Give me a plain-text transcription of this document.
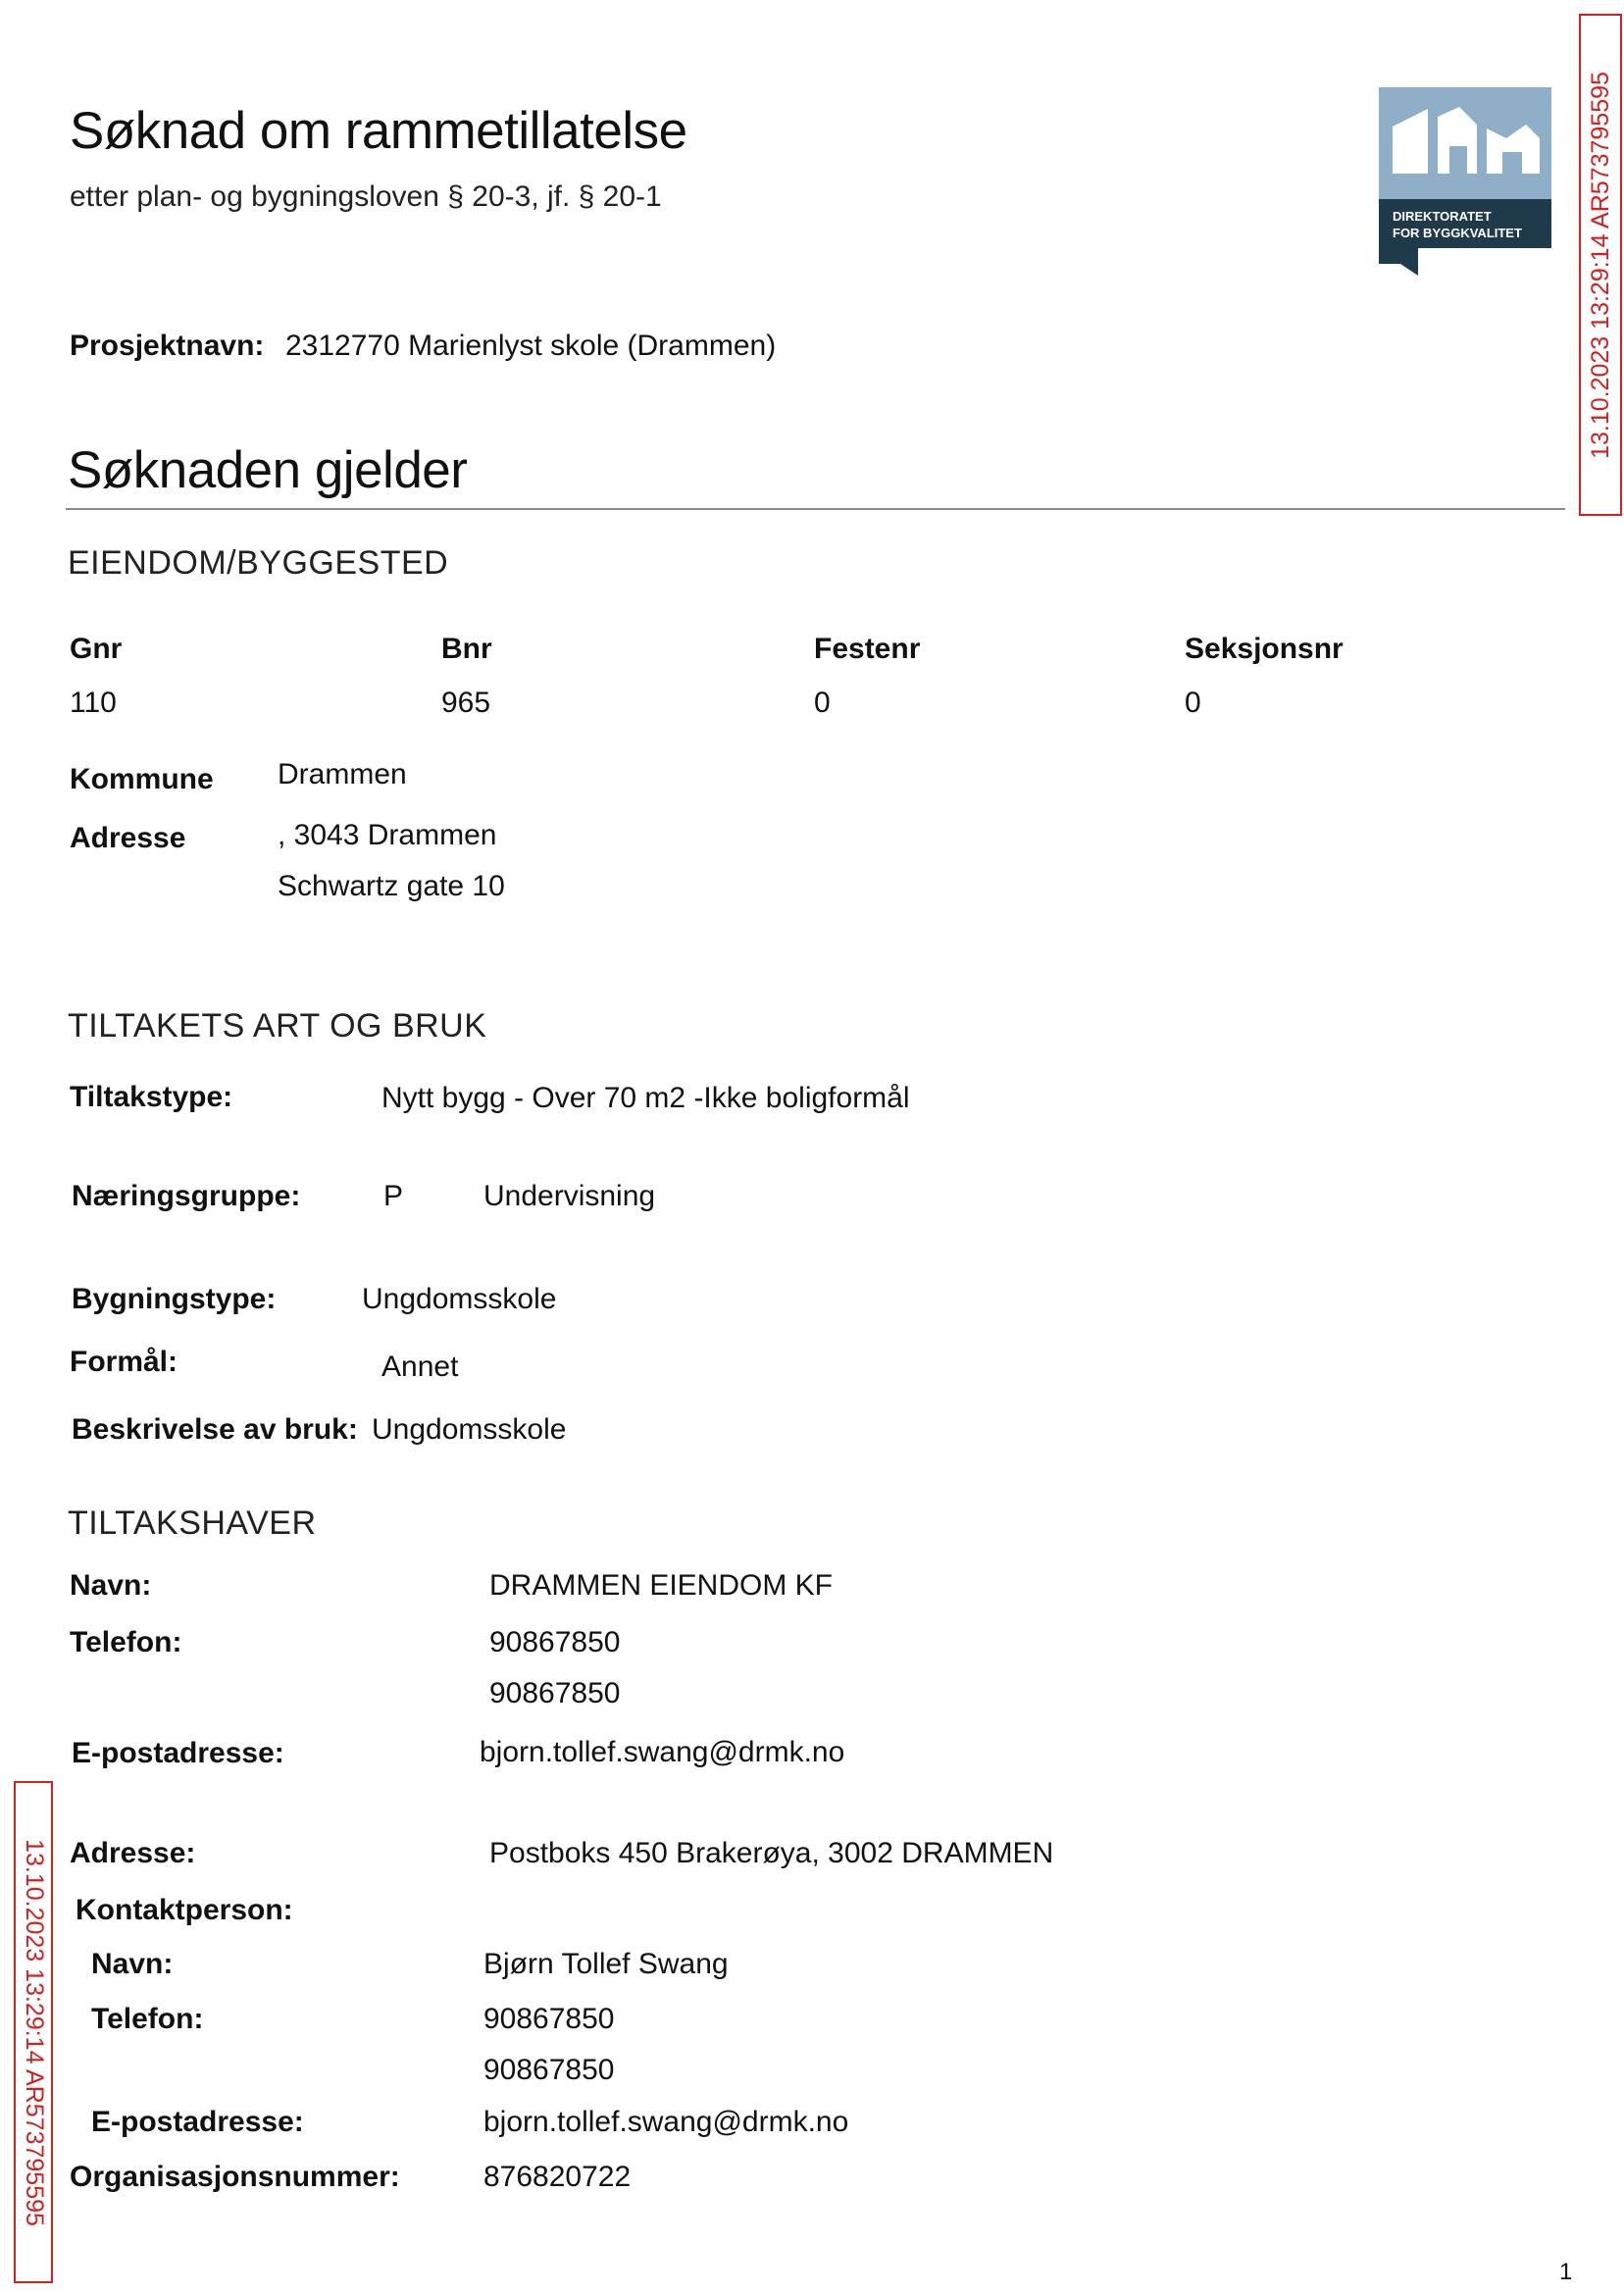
Søknad om rammetillatelse
etter plan- og bygningsloven § 20-3, jf. § 20-1
DIREKTORATET
FOR BYGGKVALITET
Prosjektnavn: 2312770 Marienlyst skole (Drammen)
Søknaden gjelder
EIENDOM/BYGGESTED
Gnr	Bnr	Festenr	Seksjonsnr
110	965	0	0
Kommune Drammen
Adresse	, 3043 Drammen
Schwartz gate 10
TILTAKETS ART OG BRUK
Tiltakstype:	Nytt bygg - Over 70 m2 -Ikke boligformål
Næringsgruppe:	P	Undervisning
Bygningstype:	Ungdomsskole
Formål:	Annet
Beskrivelse av bruk: Ungdomsskole
TILTAKSHAVER
Navn:	DRAMMEN EIENDOM KF
Telefon:	90867850
90867850
E-postadresse:	bjorn.tollef.swang@drmk.no
Adresse:	Postboks 450 Brakerøya, 3002 DRAMMEN
Kontaktperson:
Navn:	Bjørn Tollef Swang
Telefon:	90867850
90867850
E-postadresse:	bjorn.tollef.swang@drmk.no
Organisasjonsnummer:	876820722
13.10.2023 13:29:14 AR573795595
13.10.2023 13:29:14 AR573795595
1
